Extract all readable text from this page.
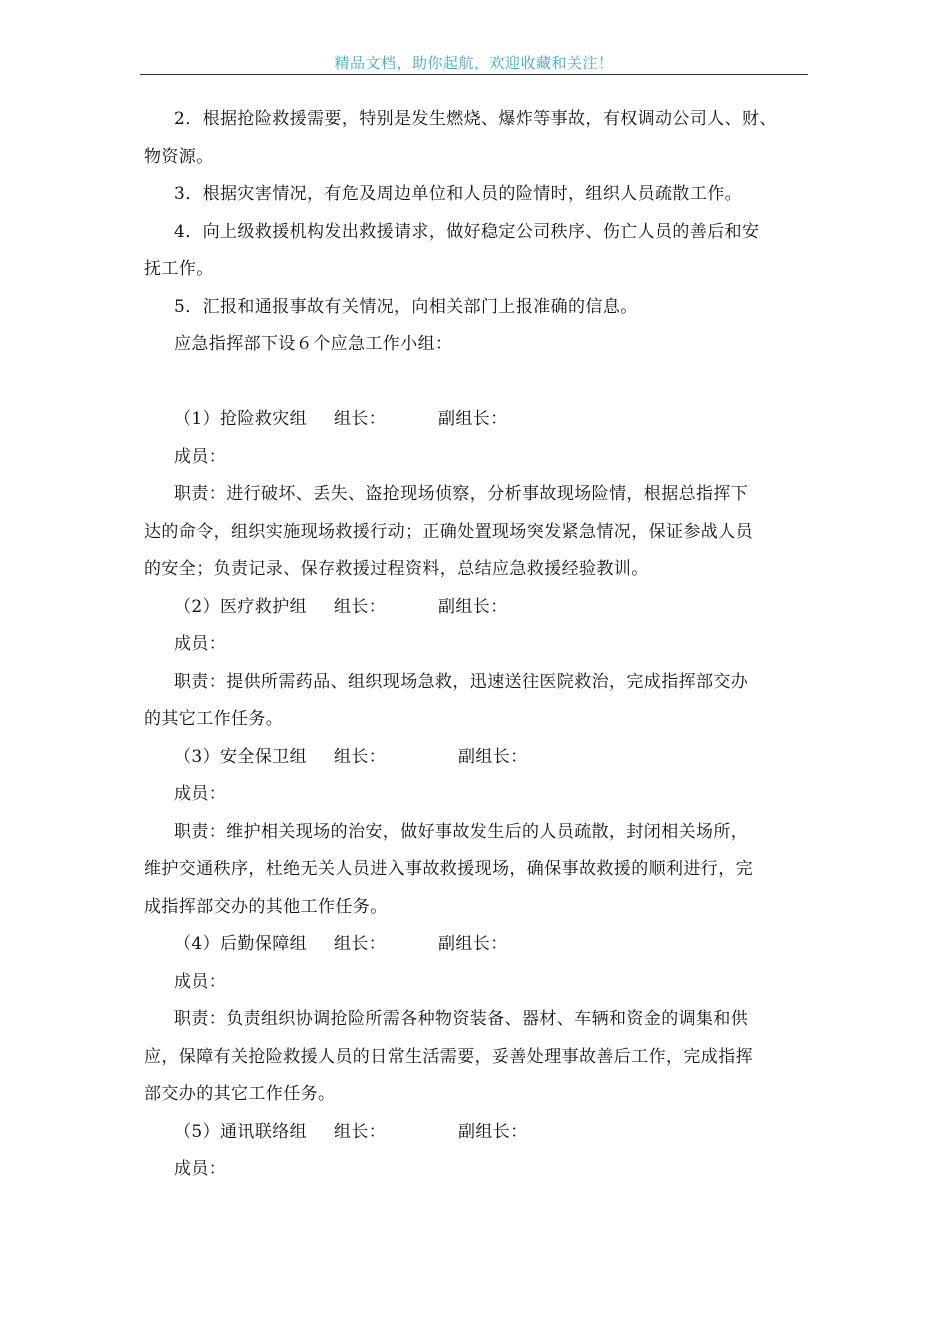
精品文档，助你起航，欢迎收藏和关注！
2．根据抢险救援需要，特别是发生燃烧、爆炸等事故，有权调动公司人、财、
物资源。
3．根据灾害情况，有危及周边单位和人员的险情时，组织人员疏散工作。
4．向上级救援机构发出救援请求，做好稳定公司秩序、伤亡人员的善后和安
抚工作。
5．汇报和通报事故有关情况，向相关部门上报准确的信息。
应急指挥部下设６个应急工作小组：
（1）抢险救灾组 组长：	副组长：
成员：
职责：进行破坏、丢失、盗抢现场侦察，分析事故现场险情，根据总指挥下
达的命令，组织实施现场救援行动；正确处置现场突发紧急情况，保证参战人员
的安全；负责记录、保存救援过程资料，总结应急救援经验教训。
（2）医疗救护组 组长：	副组长：
成员：
职责：提供所需药品、组织现场急救，迅速送往医院救治，完成指挥部交办
的其它工作任务。
（3）安全保卫组 组长：	副组长：
成员：
职责：维护相关现场的治安，做好事故发生后的人员疏散，封闭相关场所，
维护交通秩序，杜绝无关人员进入事故救援现场，确保事故救援的顺利进行，完
成指挥部交办的其他工作任务。
（4）后勤保障组 组长：	副组长：
成员：
职责：负责组织协调抢险所需各种物资装备、器材、车辆和资金的调集和供
应，保障有关抢险救援人员的日常生活需要，妥善处理事故善后工作，完成指挥
部交办的其它工作任务。
（5）通讯联络组 组长：	副组长：
成员：
